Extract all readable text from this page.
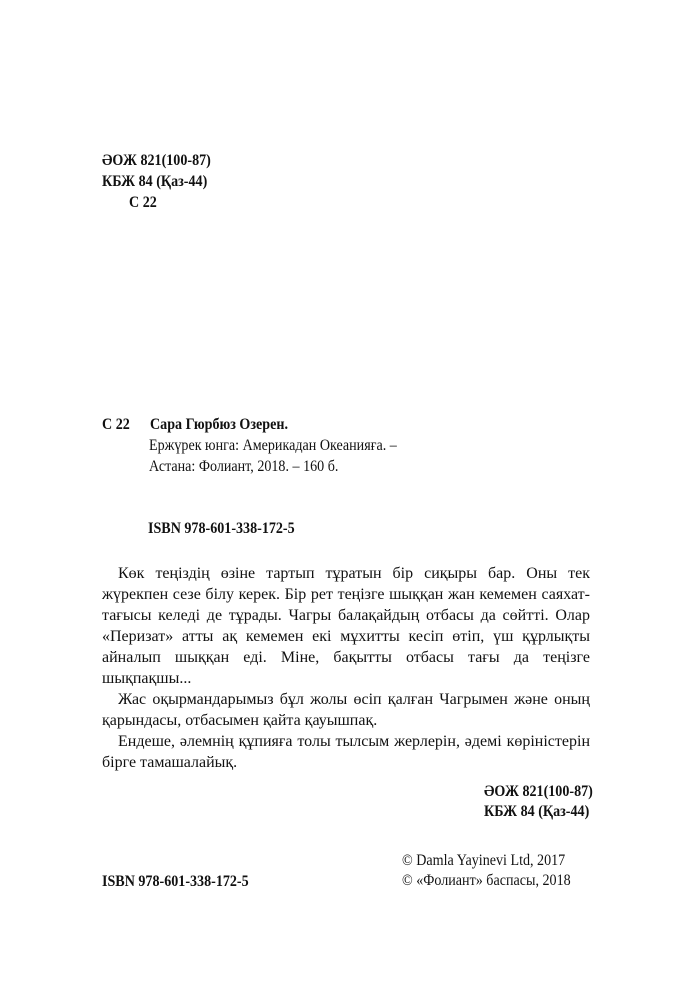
ӘОЖ 821(100-87)
КБЖ 84 (Қаз-44)
С 22
С 22 Сара Гюрбюз Озерен.
Ержүрек юнга: Америкадан Океанияға. –
Астана: Фолиант, 2018. – 160 б.
ISBN 978-601-338-172-5

Көк теңіздің өзіне тартып тұратын бір сиқыры бар. Оны тек жүрекпен сезе білу керек. Бір рет теңізге шыққан жан кемемен саяхаттағысы келеді де тұрады. Чагры балақайдың отбасы да сөйтті. Олар «Перизат» атты ақ кемемен екі мұхитты кесіп өтіп, үш құрлықты айналып шыққан еді. Міне, бақытты отбасы тағы да теңізге шықпақшы...

Жас оқырмандарымыз бұл жолы өсіп қалған Чагрымен және оның қарындасы, отбасымен қайта қауышпақ.

Ендеше, әлемнің құпияға толы тылсым жерлерін, әдемі көріністерін бірге тамашалайық.

ӘОЖ 821(100-87)
КБЖ 84 (Қаз-44)
ISBN 978-601-338-172-5
© Damla Yayinevi Ltd, 2017
© «Фолиант» баспасы, 2018
